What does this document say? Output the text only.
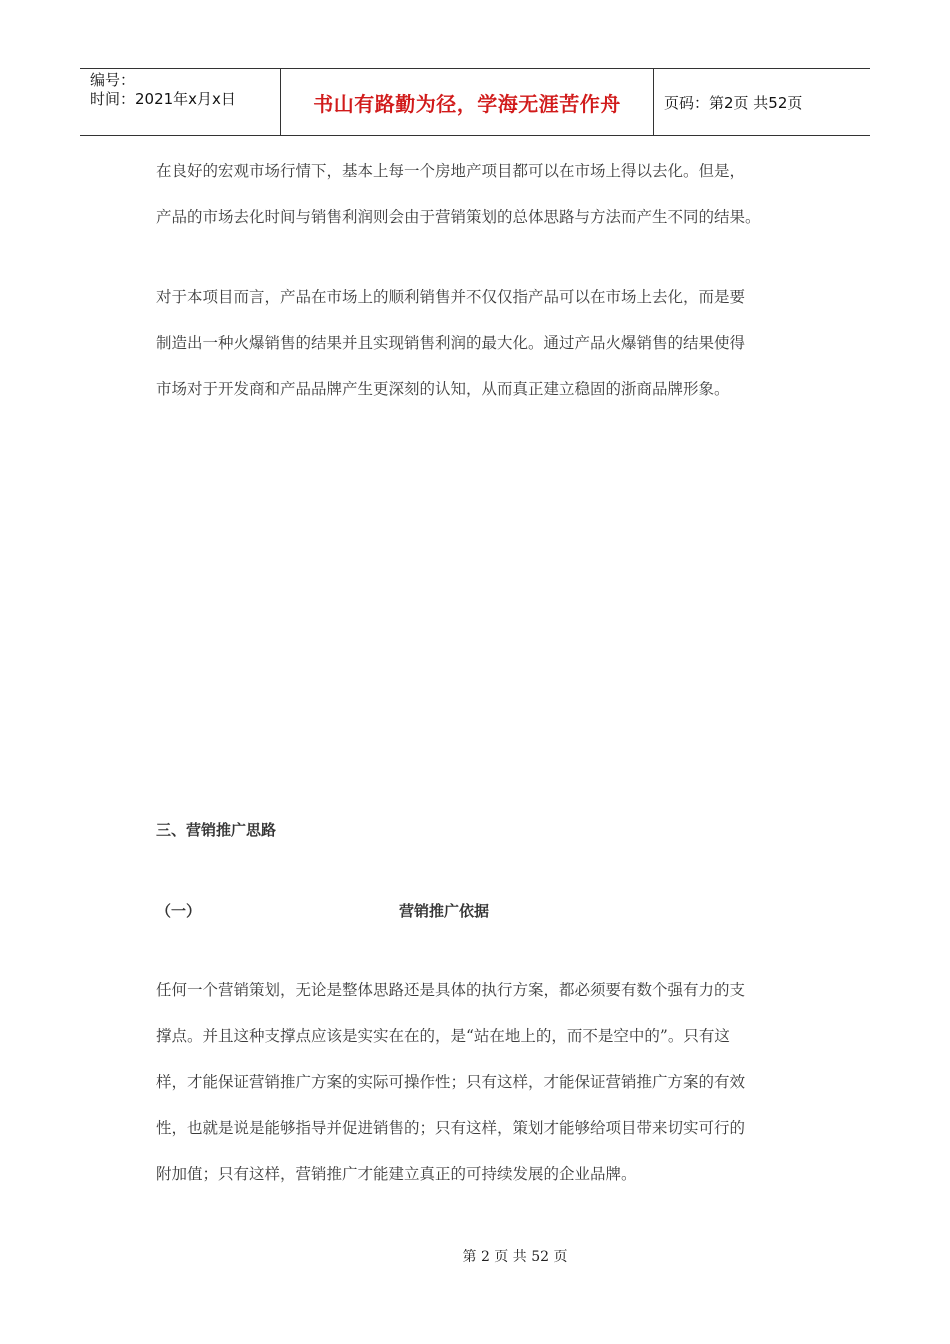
编号：
时间：2021年x月x日	书山有路勤为径，学海无涯苦作舟	页码：第2页 共52页

在良好的宏观市场行情下，基本上每一个房地产项目都可以在市场上得以去化。但是，
产品的市场去化时间与销售利润则会由于营销策划的总体思路与方法而产生不同的结果。

对于本项目而言，产品在市场上的顺利销售并不仅仅指产品可以在市场上去化，而是要
制造出一种火爆销售的结果并且实现销售利润的最大化。通过产品火爆销售的结果使得
市场对于开发商和产品品牌产生更深刻的认知，从而真正建立稳固的浙商品牌形象。

三、营销推广思路
（一）	营销推广依据

任何一个营销策划，无论是整体思路还是具体的执行方案，都必须要有数个强有力的支
撑点。并且这种支撑点应该是实实在在的，是“站在地上的，而不是空中的”。只有这
样，才能保证营销推广方案的实际可操作性；只有这样，才能保证营销推广方案的有效
性，也就是说是能够指导并促进销售的；只有这样，策划才能够给项目带来切实可行的
附加值；只有这样，营销推广才能建立真正的可持续发展的企业品牌。

第 2 页 共 52 页
